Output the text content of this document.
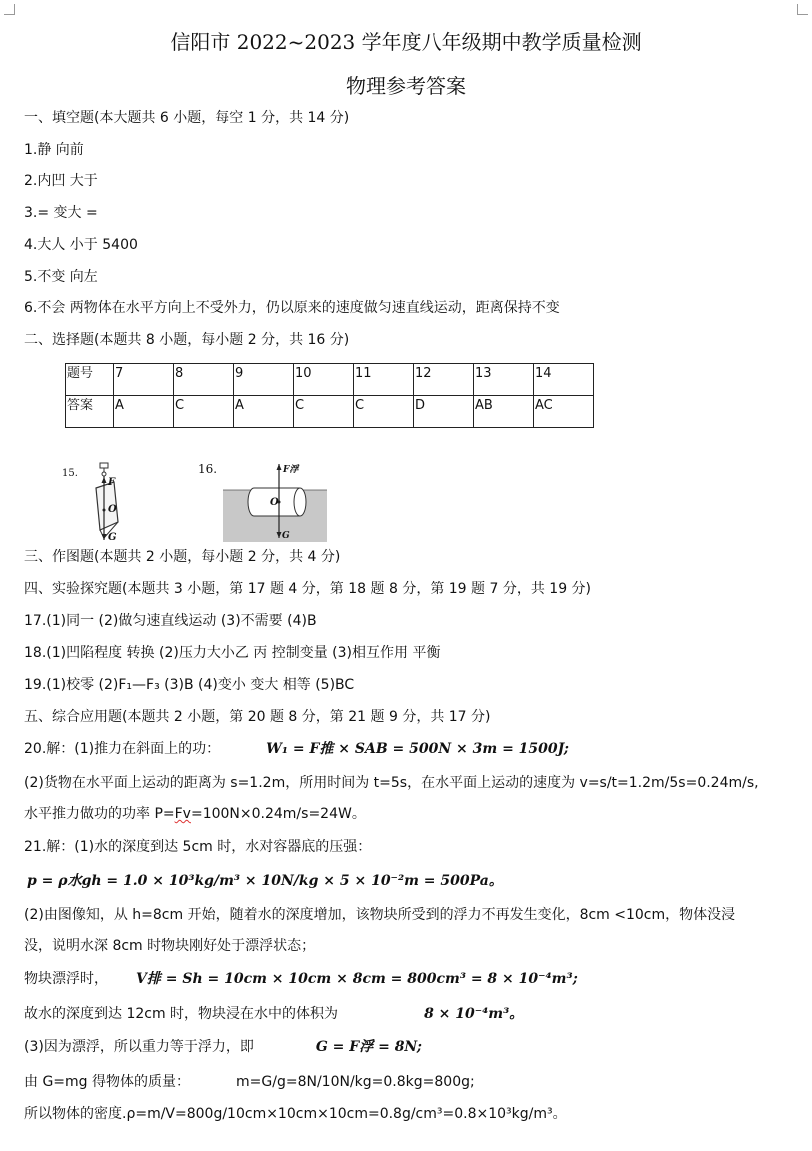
信阳市 2022~2023 学年度八年级期中教学质量检测
物理参考答案
一、填空题(本大题共 6 小题，每空 1 分，共 14 分)
1.静 向前
2.内凹 大于
3.= 变大 =
4.大人 小于 5400
5.不变 向左
6.不会 两物体在水平方向上不受外力，仍以原来的速度做匀速直线运动，距离保持不变
二、选择题(本题共 8 小题，每小题 2 分，共 16 分)
题号	7	8	9	10	11	12	13	14
答案	A	C	A	C	C	D	AB	AC
15.
F
O
G
16.	F浮
O
G
三、作图题(本题共 2 小题，每小题 2 分，共 4 分)
四、实验探究题(本题共 3 小题，第 17 题 4 分，第 18 题 8 分，第 19 题 7 分，共 19 分)
17.(1)同一 (2)做匀速直线运动 (3)不需要 (4)B
18.(1)凹陷程度 转换 (2)压力大小乙 丙 控制变量 (3)相互作用 平衡
19.(1)校零 (2)F₁—F₃ (3)B (4)变小 变大 相等 (5)BC
五、综合应用题(本题共 2 小题，第 20 题 8 分，第 21 题 9 分，共 17 分)
20.解：(1)推力在斜面上的功：	W₁ = F推 × SAB = 500N × 3m = 1500J;
(2)货物在水平面上运动的距离为 s=1.2m，所用时间为 t=5s，在水平面上运动的速度为 v=s/t=1.2m/5s=0.24m/s,
水平推力做功的功率 P=Fv=100N×0.24m/s=24W。
21.解：(1)水的深度到达 5cm 时，水对容器底的压强：
p = ρ水gh = 1.0 × 10³kg/m³ × 10N/kg × 5 × 10⁻²m = 500Pa。
(2)由图像知，从 h=8cm 开始，随着水的深度增加，该物块所受到的浮力不再发生变化，8cm <10cm，物体没浸
没，说明水深 8cm 时物块刚好处于漂浮状态；
物块漂浮时， V排 = Sh = 10cm × 10cm × 8cm = 800cm³ = 8 × 10⁻⁴m³;
故水的深度到达 12cm 时，物块浸在水中的体积为	8 × 10⁻⁴m³。
(3)因为漂浮，所以重力等于浮力，即	G = F浮 = 8N;
由 G=mg 得物体的质量：	m=G/g=8N/10N/kg=0.8kg=800g;
所以物体的密度.ρ=m/V=800g/10cm×10cm×10cm=0.8g/cm³=0.8×10³kg/m³。
